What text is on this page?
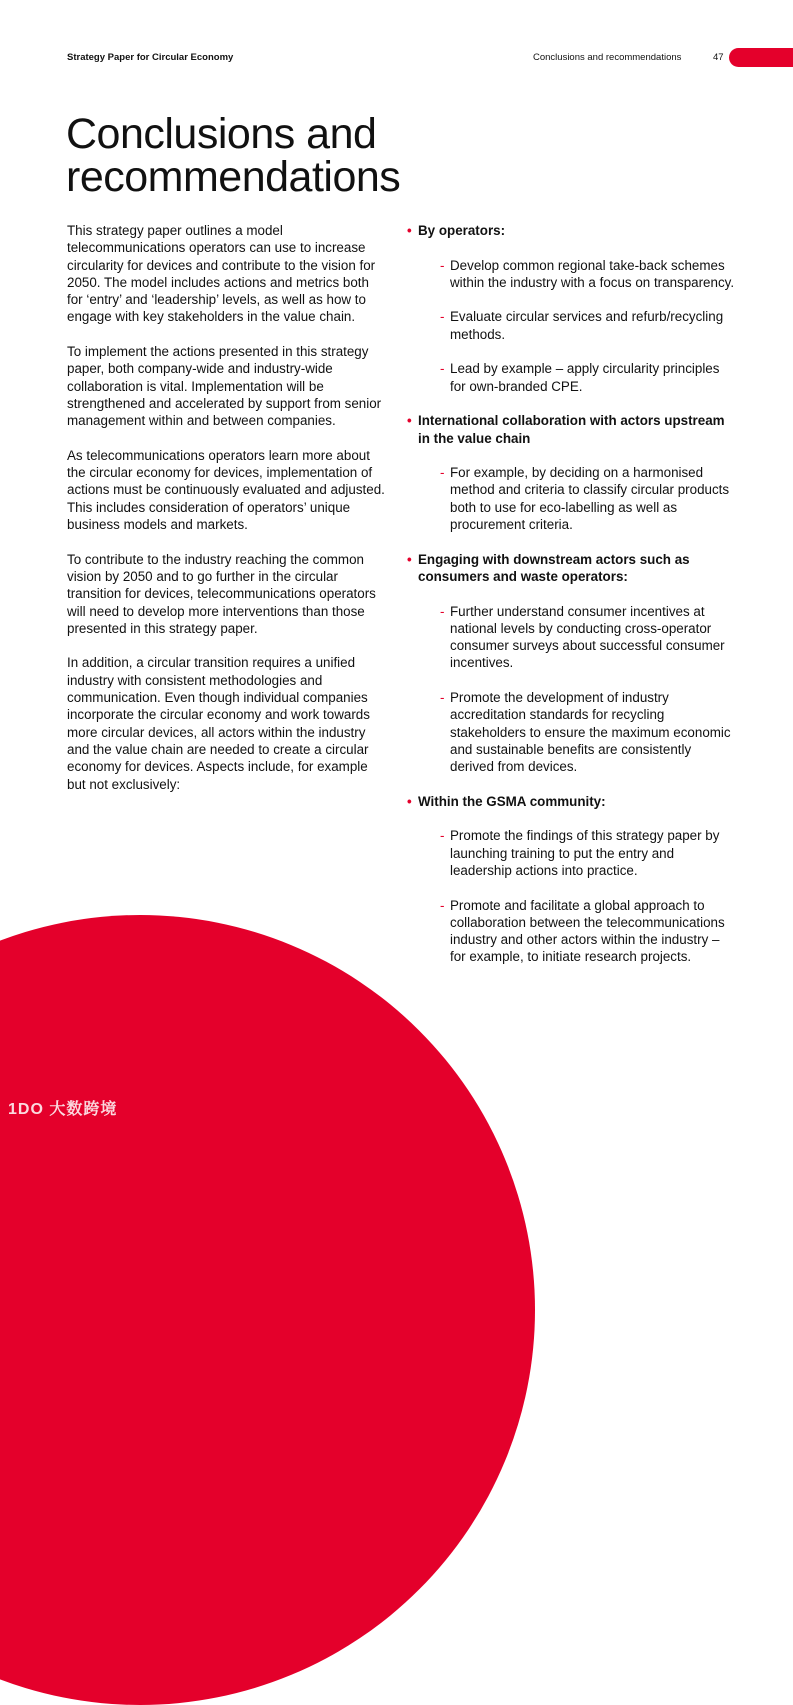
Strategy Paper for Circular Economy	Conclusions and recommendations	47
Conclusions and
recommendations

This strategy paper outlines a model telecommunications operators can use to increase circularity for devices and contribute to the vision for 2050. The model includes actions and metrics both for ‘entry’ and ‘leadership’ levels, as well as how to engage with key stakeholders in the value chain.

To implement the actions presented in this strategy paper, both company-wide and industry-wide collaboration is vital. Implementation will be strengthened and accelerated by support from senior management within and between companies.

As telecommunications operators learn more about the circular economy for devices, implementation of actions must be continuously evaluated and adjusted. This includes consideration of operators’ unique business models and markets.

To contribute to the industry reaching the common vision by 2050 and to go further in the circular transition for devices, telecommunications operators will need to develop more interventions than those presented in this strategy paper.

In addition, a circular transition requires a unified industry with consistent methodologies and communication. Even though individual companies incorporate the circular economy and work towards more circular devices, all actors within the industry and the value chain are needed to create a circular economy for devices. Aspects include, for example but not exclusively:

• By operators:
- Develop common regional take-back schemes within the industry with a focus on transparency.
- Evaluate circular services and refurb/recycling methods.
- Lead by example – apply circularity principles for own-branded CPE.
• International collaboration with actors upstream in the value chain
- For example, by deciding on a harmonised method and criteria to classify circular products both to use for eco-labelling as well as procurement criteria.
• Engaging with downstream actors such as consumers and waste operators:
- Further understand consumer incentives at national levels by conducting cross-operator consumer surveys about successful consumer incentives.
- Promote the development of industry accreditation standards for recycling stakeholders to ensure the maximum economic and sustainable benefits are consistently derived from devices.
• Within the GSMA community:
- Promote the findings of this strategy paper by launching training to put the entry and leadership actions into practice.
- Promote and facilitate a global approach to collaboration between the telecommunications industry and other actors within the industry – for example, to initiate research projects.
1DO 大数跨境
